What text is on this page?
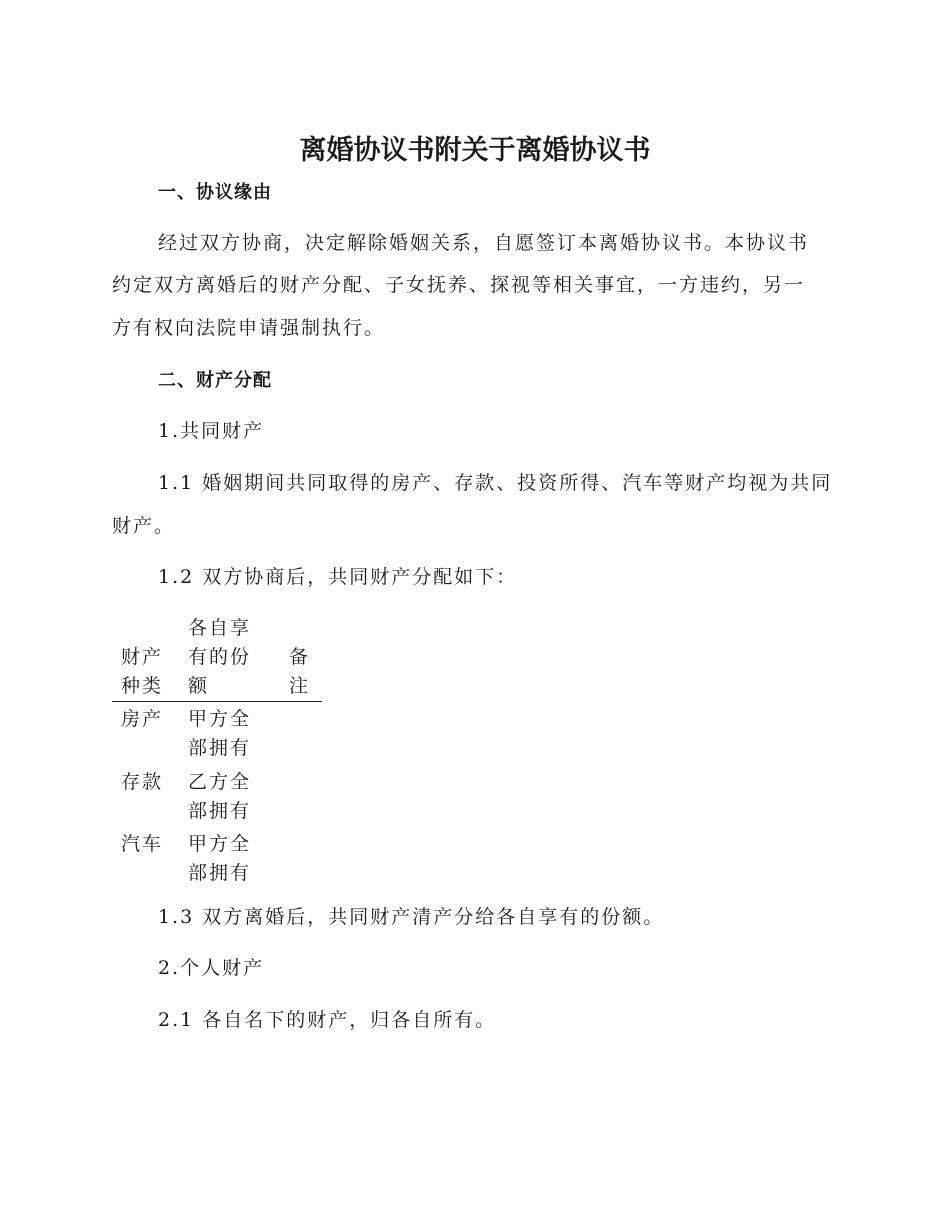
离婚协议书附关于离婚协议书
一、协议缘由
经过双方协商，决定解除婚姻关系，自愿签订本离婚协议书。本协议书
约定双方离婚后的财产分配、子女抚养、探视等相关事宜，一方违约，另一
方有权向法院申请强制执行。
二、财产分配
1.共同财产
1.1 婚姻期间共同取得的房产、存款、投资所得、汽车等财产均视为共同
财产。
1.2 双方协商后，共同财产分配如下：
财产
种类
各自享
有的份
额
备
注
房产 甲方全
部拥有
存款 乙方全
部拥有
汽车 甲方全
部拥有
1.3 双方离婚后，共同财产清产分给各自享有的份额。
2.个人财产
2.1 各自名下的财产，归各自所有。
